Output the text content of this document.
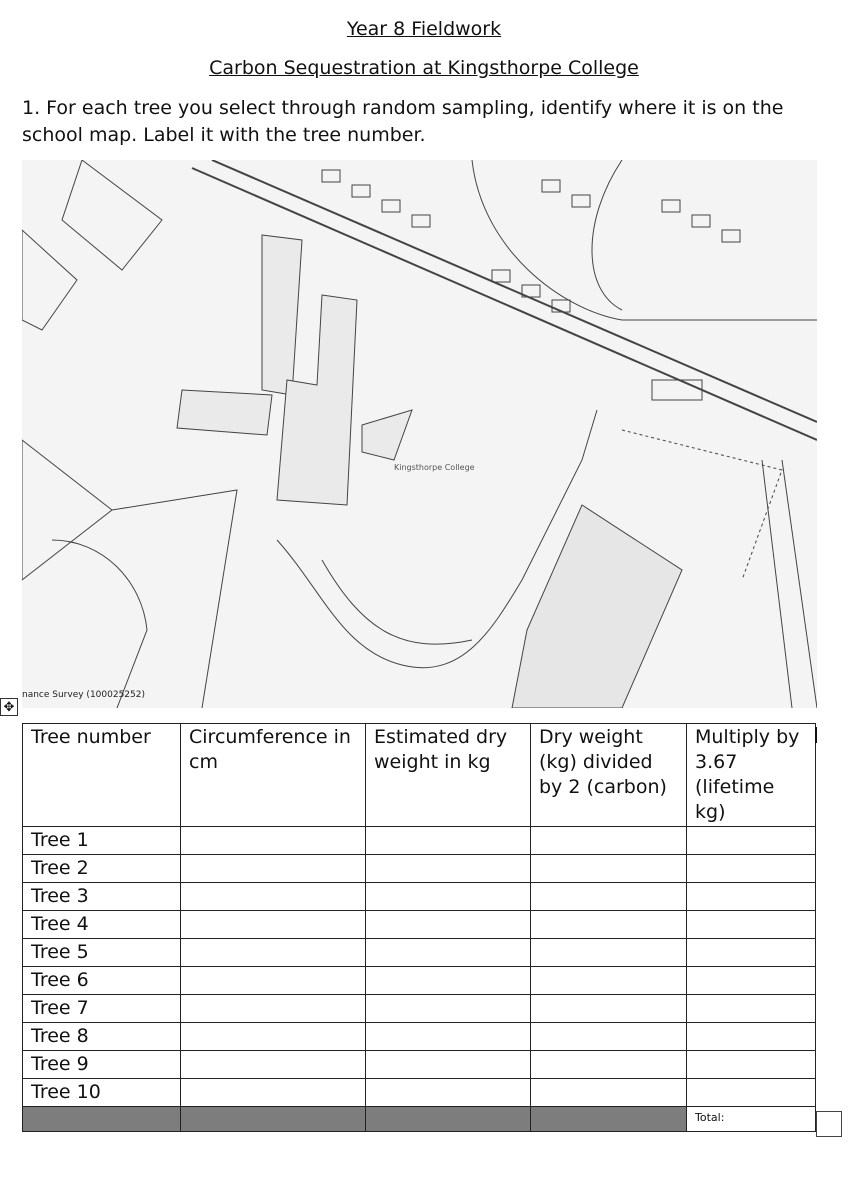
Year 8 Fieldwork
Carbon Sequestration at Kingsthorpe College
1. For each tree you select through random sampling, identify where it is on the school map. Label it with the tree number.
Kingsthorpe College
nance Survey (100025252)
✥
Tree number	Circumference in cm	Estimated dry weight in kg	Dry weight (kg) divided by 2 (carbon)	Multiply by 3.67 (lifetime kg)
Tree 1				
Tree 2				
Tree 3				
Tree 4				
Tree 5				
Tree 6				
Tree 7				
Tree 8				
Tree 9				
Tree 10				
				Total:
